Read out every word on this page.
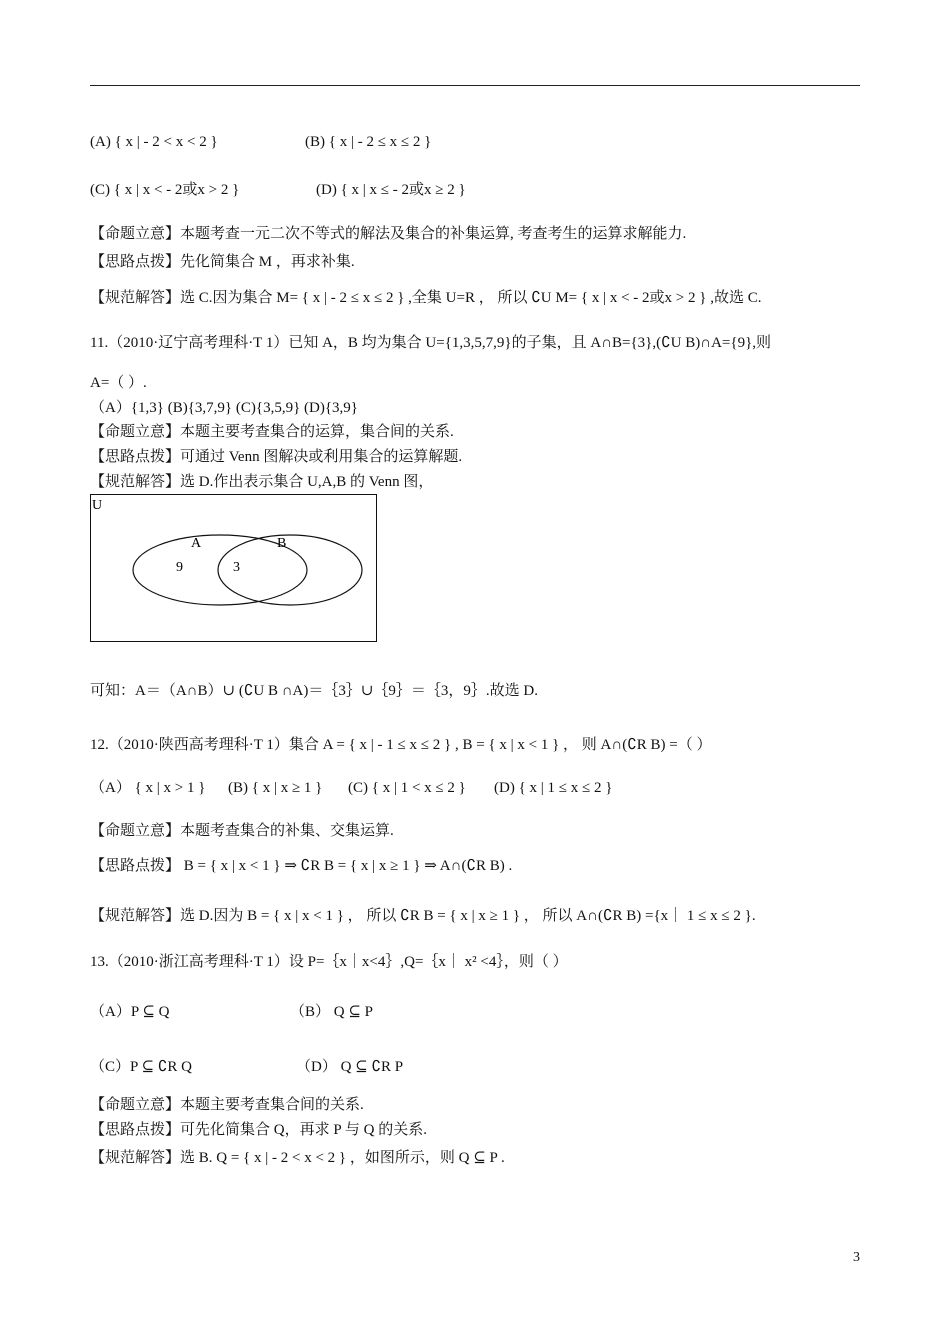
(A) { x | - 2 < x < 2 }	(B) { x | - 2 ≤ x ≤ 2 }
(C) { x | x < - 2或x > 2 }	(D) { x | x ≤ - 2或x ≥ 2 }
【命题立意】本题考查一元二次不等式的解法及集合的补集运算, 考查考生的运算求解能力.
【思路点拨】先化简集合 M ，再求补集.
【规范解答】选 C.因为集合 M= { x | - 2 ≤ x ≤ 2 } ,全集 U=R ， 所以 ∁U M= { x | x < - 2或x > 2 } ,故选 C.
11.（2010·辽宁高考理科·T 1）已知 A，B 均为集合 U={1,3,5,7,9}的子集，且 A∩B={3},(∁U B)∩A={9},则
A=（ ）.
（A）{1,3} (B){3,7,9} (C){3,5,9} (D){3,9}
【命题立意】本题主要考查集合的运算，集合间的关系.
【思路点拨】可通过 Venn 图解决或利用集合的运算解题.
【规范解答】选 D.作出表示集合 U,A,B 的 Venn 图，
U
A	B
9	3
可知：A＝（A∩B）∪ (∁U B ∩A)＝｛3｝∪｛9｝＝｛3，9｝.故选 D.
12.（2010·陕西高考理科·T 1）集合 A = { x | - 1 ≤ x ≤ 2 } , B = { x | x < 1 } ， 则 A∩(∁R B) =（ ）
（A） { x | x > 1 } (B) { x | x ≥ 1 } (C) { x | 1 < x ≤ 2 } (D) { x | 1 ≤ x ≤ 2 }
【命题立意】本题考查集合的补集、交集运算.
【思路点拨】 B = { x | x < 1 } ⇒ ∁R B = { x | x ≥ 1 } ⇒ A∩(∁R B) .
【规范解答】选 D.因为 B = { x | x < 1 } ， 所以 ∁R B = { x | x ≥ 1 } ， 所以 A∩(∁R B) ={x｜ 1 ≤ x ≤ 2 }.
13.（2010·浙江高考理科·T 1）设 P=｛x｜x<4｝,Q=｛x｜ x² <4｝，则（ ）
（A）P ⊆ Q	（B） Q ⊆ P
（C）P ⊆ ∁R Q	（D） Q ⊆ ∁R P
【命题立意】本题主要考查集合间的关系.
【思路点拨】可先化简集合 Q，再求 P 与 Q 的关系.
【规范解答】选 B. Q = { x | - 2 < x < 2 } ，如图所示，则 Q ⊆ P .
3
